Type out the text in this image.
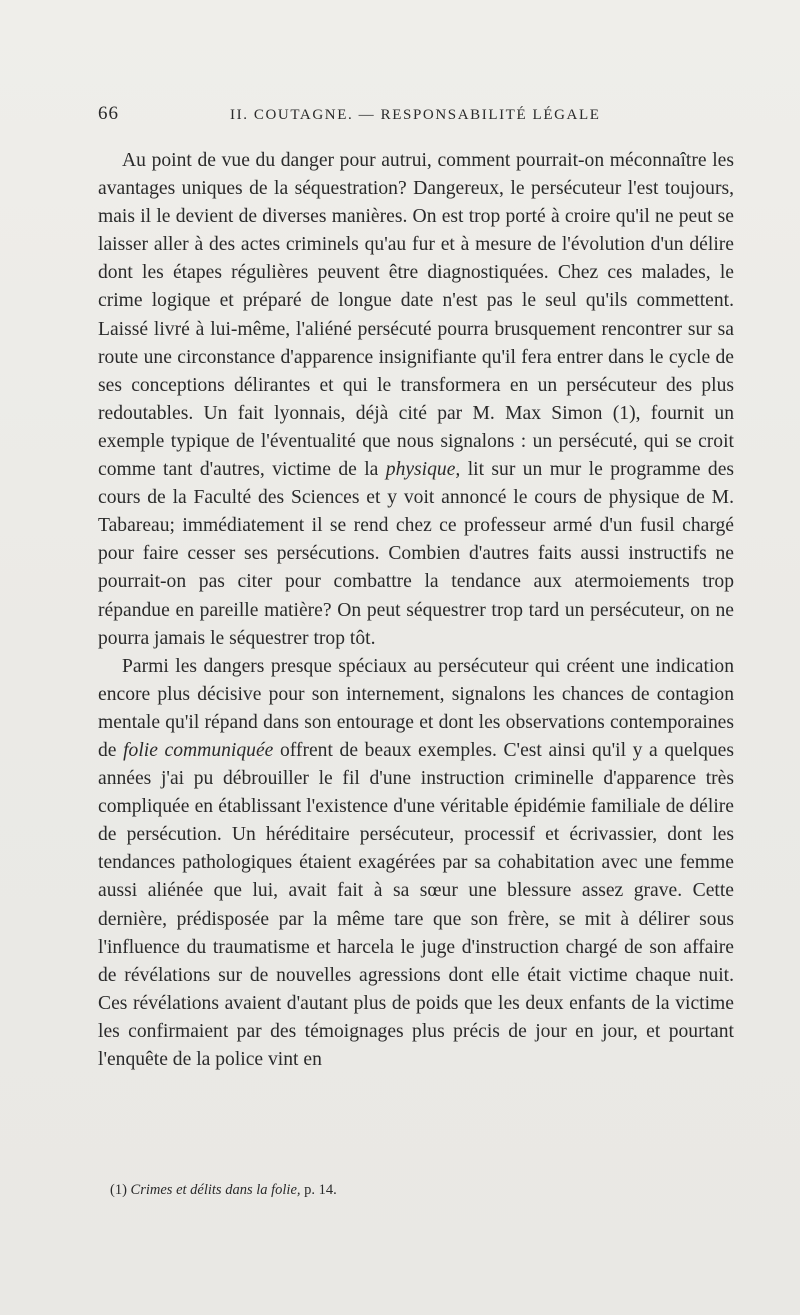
66	II. COUTAGNE. — RESPONSABILITÉ LÉGALE

Au point de vue du danger pour autrui, comment pourrait-on méconnaître les avantages uniques de la séquestration? Dangereux, le persécuteur l'est toujours, mais il le devient de diverses manières. On est trop porté à croire qu'il ne peut se laisser aller à des actes criminels qu'au fur et à mesure de l'évolution d'un délire dont les étapes régulières peuvent être diagnostiquées. Chez ces malades, le crime logique et préparé de longue date n'est pas le seul qu'ils commettent. Laissé livré à lui-même, l'aliéné persécuté pourra brusquement rencontrer sur sa route une circonstance d'apparence insignifiante qu'il fera entrer dans le cycle de ses conceptions délirantes et qui le transformera en un persécuteur des plus redoutables. Un fait lyonnais, déjà cité par M. Max Simon (1), fournit un exemple typique de l'éventualité que nous signalons : un persécuté, qui se croit comme tant d'autres, victime de la physique, lit sur un mur le programme des cours de la Faculté des Sciences et y voit annoncé le cours de physique de M. Tabareau; immédiatement il se rend chez ce professeur armé d'un fusil chargé pour faire cesser ses persécutions. Combien d'autres faits aussi instructifs ne pourrait-on pas citer pour combattre la tendance aux atermoiements trop répandue en pareille matière? On peut séquestrer trop tard un persécuteur, on ne pourra jamais le séquestrer trop tôt.

Parmi les dangers presque spéciaux au persécuteur qui créent une indication encore plus décisive pour son internement, signalons les chances de contagion mentale qu'il répand dans son entourage et dont les observations contemporaines de folie communiquée offrent de beaux exemples. C'est ainsi qu'il y a quelques années j'ai pu débrouiller le fil d'une instruction criminelle d'apparence très compliquée en établissant l'existence d'une véritable épidémie familiale de délire de persécution. Un héréditaire persécuteur, processif et écrivassier, dont les tendances pathologiques étaient exagérées par sa cohabitation avec une femme aussi aliénée que lui, avait fait à sa sœur une blessure assez grave. Cette dernière, prédisposée par la même tare que son frère, se mit à délirer sous l'influence du traumatisme et harcela le juge d'instruction chargé de son affaire de révélations sur de nouvelles agressions dont elle était victime chaque nuit. Ces révélations avaient d'autant plus de poids que les deux enfants de la victime les confirmaient par des témoignages plus précis de jour en jour, et pourtant l'enquête de la police vint en

(1) Crimes et délits dans la folie, p. 14.
